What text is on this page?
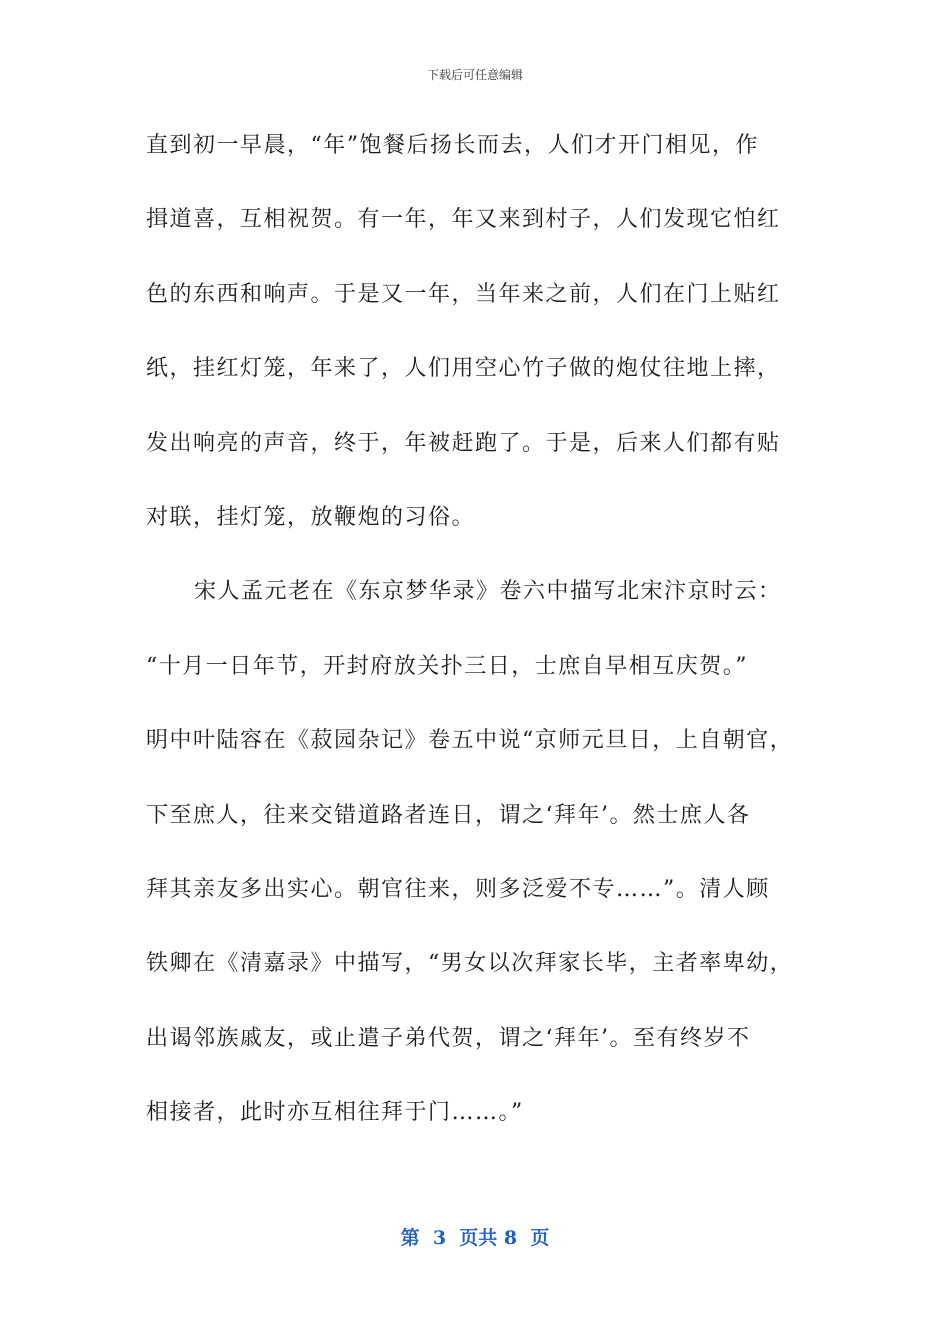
下载后可任意编辑
直到初一早晨，“年”饱餐后扬长而去，人们才开门相见，作
揖道喜，互相祝贺。有一年，年又来到村子，人们发现它怕红
色的东西和响声。于是又一年，当年来之前，人们在门上贴红
纸，挂红灯笼，年来了，人们用空心竹子做的炮仗往地上摔，
发出响亮的声音，终于，年被赶跑了。于是，后来人们都有贴
对联，挂灯笼，放鞭炮的习俗。
宋人孟元老在《东京梦华录》卷六中描写北宋汴京时云：
“十月一日年节，开封府放关扑三日，士庶自早相互庆贺。”
明中叶陆容在《菽园杂记》卷五中说“京师元旦日，上自朝官，
下至庶人，往来交错道路者连日，谓之‘拜年’。然士庶人各
拜其亲友多出实心。朝官往来，则多泛爱不专……”。清人顾
铁卿在《清嘉录》中描写，“男女以次拜家长毕，主者率卑幼，
出谒邻族戚友，或止遣子弟代贺，谓之‘拜年’。至有终岁不
相接者，此时亦互相往拜于门……。”
第  3  页共 8  页
